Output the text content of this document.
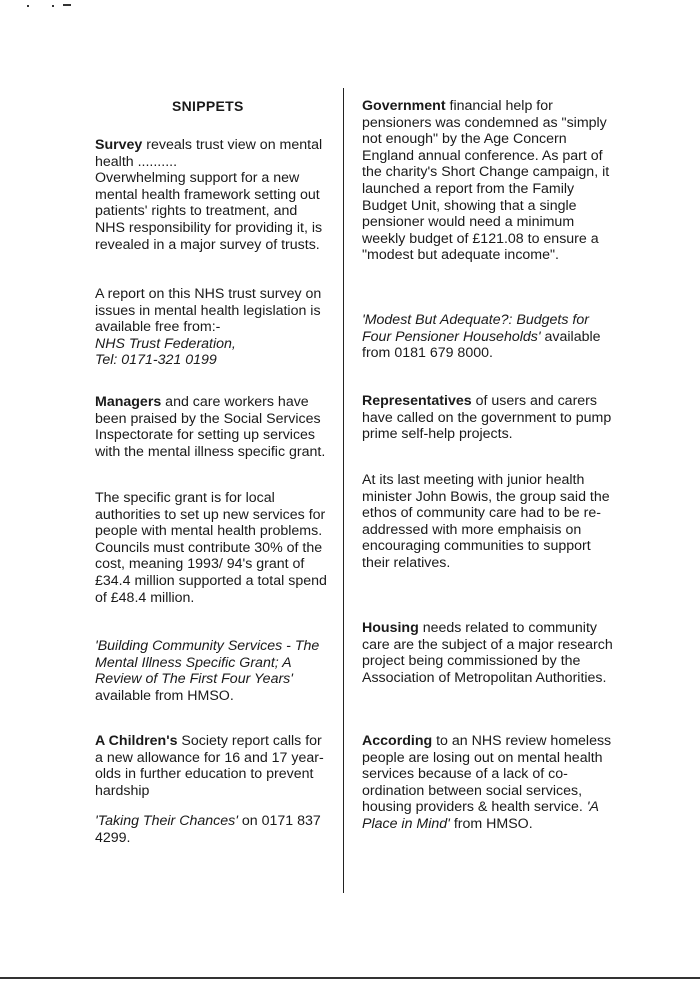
SNIPPETS

Survey reveals trust view on mental health ..........
Overwhelming support for a new mental health framework setting out patients' rights to treatment, and NHS responsibility for providing it, is revealed in a major survey of trusts.

A report on this NHS trust survey on issues in mental health legislation is available free from:-
NHS Trust Federation,
Tel: 0171-321 0199

Managers and care workers have been praised by the Social Services Inspectorate for setting up services with the mental illness specific grant.

The specific grant is for local authorities to set up new services for people with mental health problems. Councils must contribute 30% of the cost, meaning 1993/ 94's grant of £34.4 million supported a total spend of £48.4 million.

'Building Community Services - The Mental Illness Specific Grant; A Review of The First Four Years' available from HMSO.

A Children's Society report calls for a new allowance for 16 and 17 year-olds in further education to prevent hardship

'Taking Their Chances' on 0171 837 4299.

Government financial help for pensioners was condemned as "simply not enough" by the Age Concern England annual conference. As part of the charity's Short Change campaign, it launched a report from the Family Budget Unit, showing that a single pensioner would need a minimum weekly budget of £121.08 to ensure a "modest but adequate income".

'Modest But Adequate?: Budgets for Four Pensioner Households' available from 0181 679 8000.

Representatives of users and carers have called on the government to pump prime self-help projects.

At its last meeting with junior health minister John Bowis, the group said the ethos of community care had to be re-addressed with more emphaisis on encouraging communities to support their relatives.

Housing needs related to community care are the subject of a major research project being commissioned by the Association of Metropolitan Authorities.

According to an NHS review homeless people are losing out on mental health services because of a lack of co-ordination between social services, housing providers & health service. 'A Place in Mind' from HMSO.
